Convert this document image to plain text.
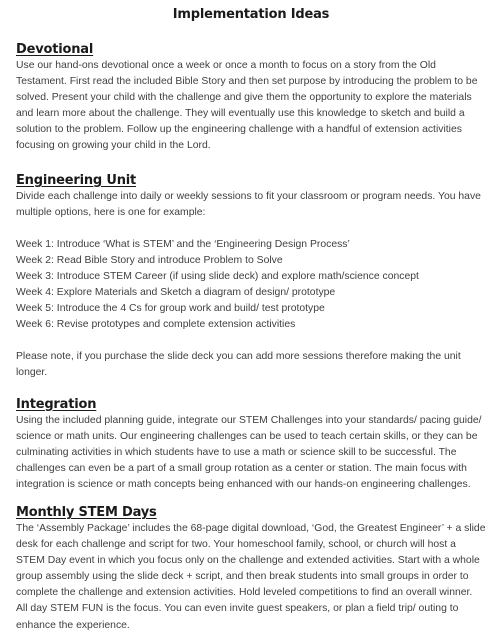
Implementation Ideas
Devotional

Use our hand-ons devotional once a week or once a month to focus on a story from the Old Testament. First read the included Bible Story and then set purpose by introducing the problem to be solved. Present your child with the challenge and give them the opportunity to explore the materials and learn more about the challenge. They will eventually use this knowledge to sketch and build a solution to the problem. Follow up the engineering challenge with a handful of extension activities focusing on growing your child in the Lord.

Engineering Unit

Divide each challenge into daily or weekly sessions to fit your classroom or program needs. You have multiple options, here is one for example:

Week 1: Introduce ‘What is STEM’ and the ‘Engineering Design Process’
Week 2: Read Bible Story and introduce Problem to Solve
Week 3: Introduce STEM Career (if using slide deck) and explore math/science concept
Week 4: Explore Materials and Sketch a diagram of design/ prototype
Week 5: Introduce the 4 Cs for group work and build/ test prototype
Week 6: Revise prototypes and complete extension activities

Please note, if you purchase the slide deck you can add more sessions therefore making the unit longer.

Integration

Using the included planning guide, integrate our STEM Challenges into your standards/ pacing guide/ science or math units. Our engineering challenges can be used to teach certain skills, or they can be culminating activities in which students have to use a math or science skill to be successful. The challenges can even be a part of a small group rotation as a center or station. The main focus with integration is science or math concepts being enhanced with our hands-on engineering challenges.

Monthly STEM Days

The ‘Assembly Package’ includes the 68-page digital download, ‘God, the Greatest Engineer’ + a slide desk for each challenge and script for two. Your homeschool family, school, or church will host a STEM Day event in which you focus only on the challenge and extended activities. Start with a whole group assembly using the slide deck + script, and then break students into small groups in order to complete the challenge and extension activities. Hold leveled competitions to find an overall winner. All day STEM FUN is the focus. You can even invite guest speakers, or plan a field trip/ outing to enhance the experience.
